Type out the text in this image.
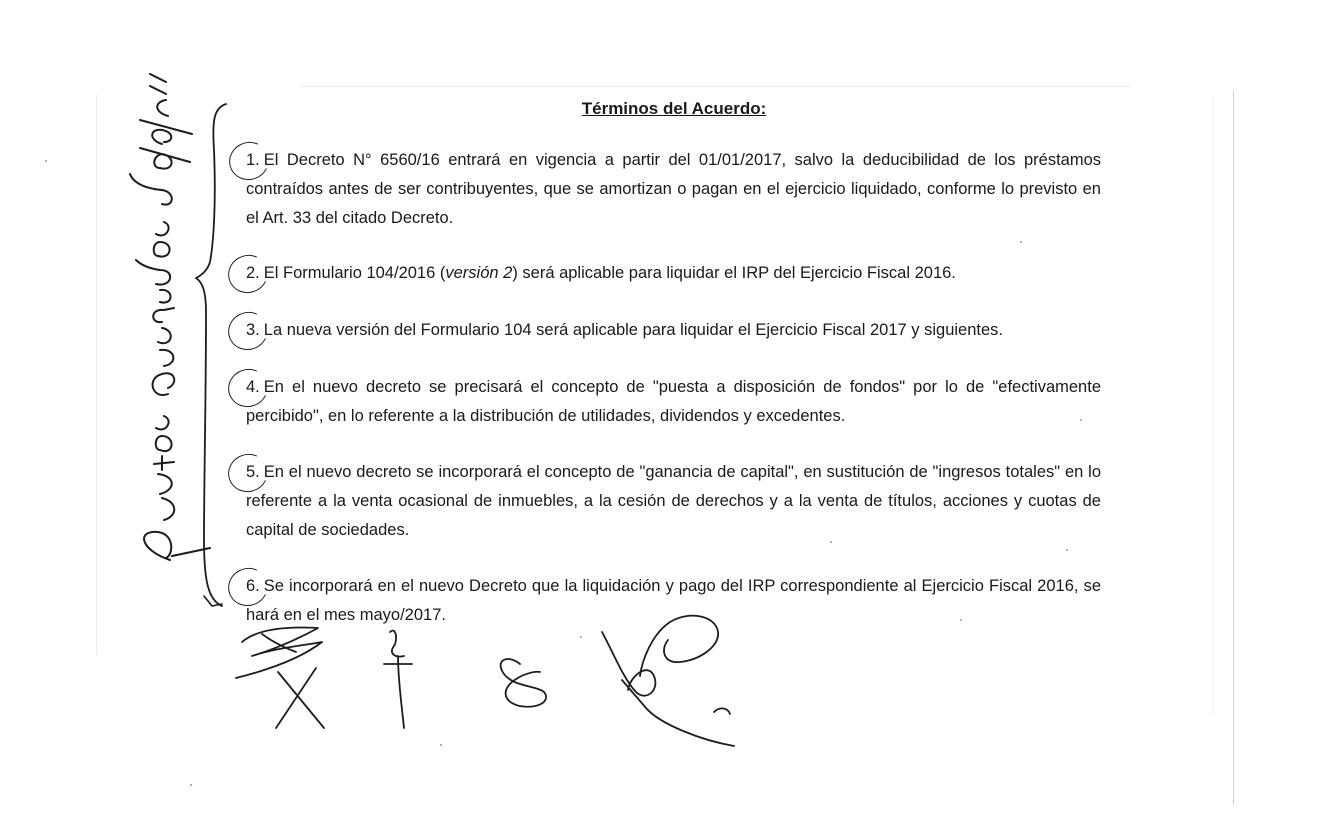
Términos del Acuerdo:
1. El Decreto N° 6560/16 entrará en vigencia a partir del 01/01/2017, salvo la deducibilidad de los préstamos contraídos antes de ser contribuyentes, que se amortizan o pagan en el ejercicio liquidado, conforme lo previsto en el Art. 33 del citado Decreto.
2. El Formulario 104/2016 (versión 2) será aplicable para liquidar el IRP del Ejercicio Fiscal 2016.
3. La nueva versión del Formulario 104 será aplicable para liquidar el Ejercicio Fiscal 2017 y siguientes.
4. En el nuevo decreto se precisará el concepto de "puesta a disposición de fondos" por lo de "efectivamente percibido", en lo referente a la distribución de utilidades, dividendos y excedentes.
5. En el nuevo decreto se incorporará el concepto de "ganancia de capital", en sustitución de "ingresos totales" en lo referente a la venta ocasional de inmuebles, a la cesión de derechos y a la venta de títulos, acciones y cuotas de capital de sociedades.
6. Se incorporará en el nuevo Decreto que la liquidación y pago del IRP correspondiente al Ejercicio Fiscal 2016, se hará en el mes mayo/2017.
